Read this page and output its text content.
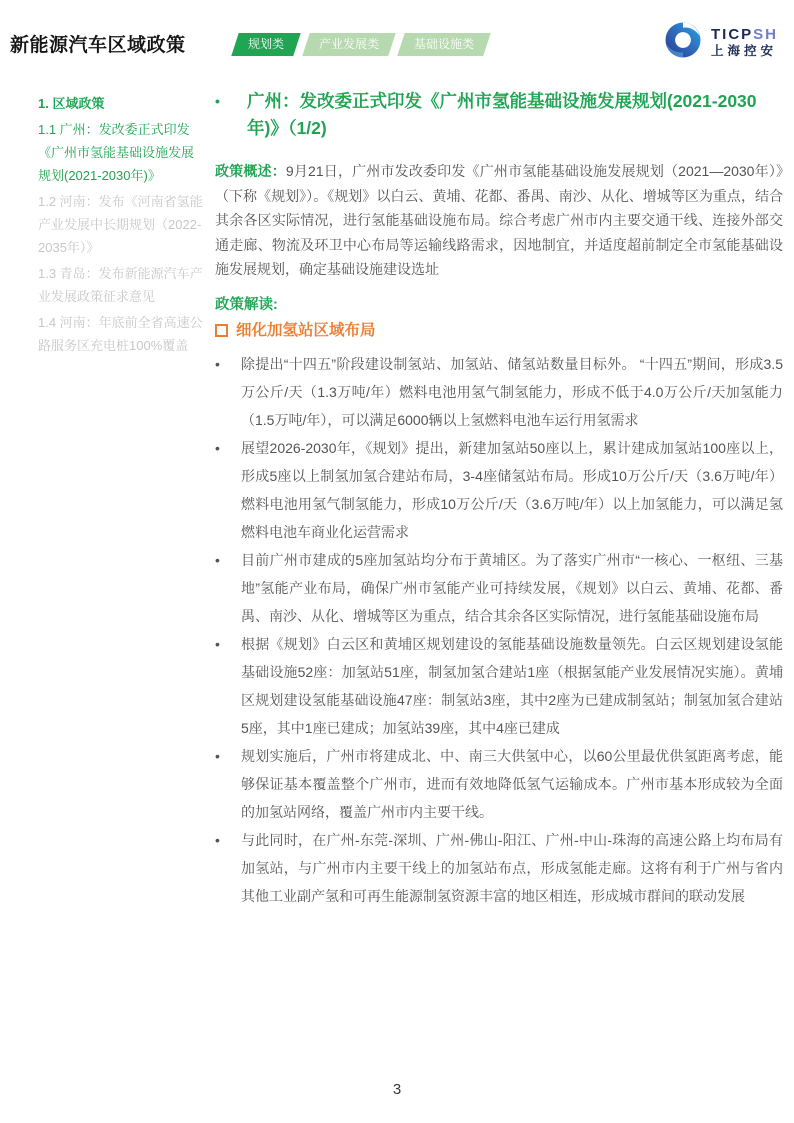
新能源汽车区域政策	规划类	产业发展类	基础设施类
TICPSH
上海控安
1. 区域政策
1.1 广州：发改委正式印发《广州市氢能基础设施发展规划(2021-2030年)》
1.2 河南：发布《河南省氢能产业发展中长期规划（2022-2035年）》
1.3 青岛：发布新能源汽车产业发展政策征求意见
1.4 河南：年底前全省高速公路服务区充电桩100%覆盖
•	广州：发改委正式印发《广州市氢能基础设施发展规划(2021-2030年)》（1/2)
政策概述：9月21日，广州市发改委印发《广州市氢能基础设施发展规划（2021—2030年）》（下称《规划》）。《规划》以白云、黄埔、花都、番禺、南沙、从化、增城等区为重点，结合其余各区实际情况，进行氢能基础设施布局。综合考虑广州市内主要交通干线、连接外部交通走廊、物流及环卫中心布局等运输线路需求，因地制宜，并适度超前制定全市氢能基础设施发展规划，确定基础设施建设选址
政策解读:
细化加氢站区域布局
•	除提出“十四五”阶段建设制氢站、加氢站、储氢站数量目标外。 “十四五”期间，形成3.5万公斤/天（1.3万吨/年）燃料电池用氢气制氢能力，形成不低于4.0万公斤/天加氢能力（1.5万吨/年），可以满足6000辆以上氢燃料电池车运行用氢需求
•	展望2026-2030年，《规划》提出，新建加氢站50座以上，累计建成加氢站100座以上，形成5座以上制氢加氢合建站布局，3-4座储氢站布局。形成10万公斤/天（3.6万吨/年）燃料电池用氢气制氢能力，形成10万公斤/天（3.6万吨/年）以上加氢能力，可以满足氢燃料电池车商业化运营需求
•	目前广州市建成的5座加氢站均分布于黄埔区。为了落实广州市“一核心、一枢纽、三基地”氢能产业布局，确保广州市氢能产业可持续发展，《规划》以白云、黄埔、花都、番禺、南沙、从化、增城等区为重点，结合其余各区实际情况，进行氢能基础设施布局
•	根据《规划》白云区和黄埔区规划建设的氢能基础设施数量领先。白云区规划建设氢能基础设施52座：加氢站51座，制氢加氢合建站1座（根据氢能产业发展情况实施）。黄埔区规划建设氢能基础设施47座：制氢站3座，其中2座为已建成制氢站；制氢加氢合建站5座，其中1座已建成；加氢站39座，其中4座已建成
•	规划实施后，广州市将建成北、中、南三大供氢中心，以60公里最优供氢距离考虑，能够保证基本覆盖整个广州市，进而有效地降低氢气运输成本。广州市基本形成较为全面的加氢站网络，覆盖广州市内主要干线。
•	与此同时，在广州-东莞-深圳、广州-佛山-阳江、广州-中山-珠海的高速公路上均布局有加氢站，与广州市内主要干线上的加氢站布点，形成氢能走廊。这将有利于广州与省内其他工业副产氢和可再生能源制氢资源丰富的地区相连，形成城市群间的联动发展
3
